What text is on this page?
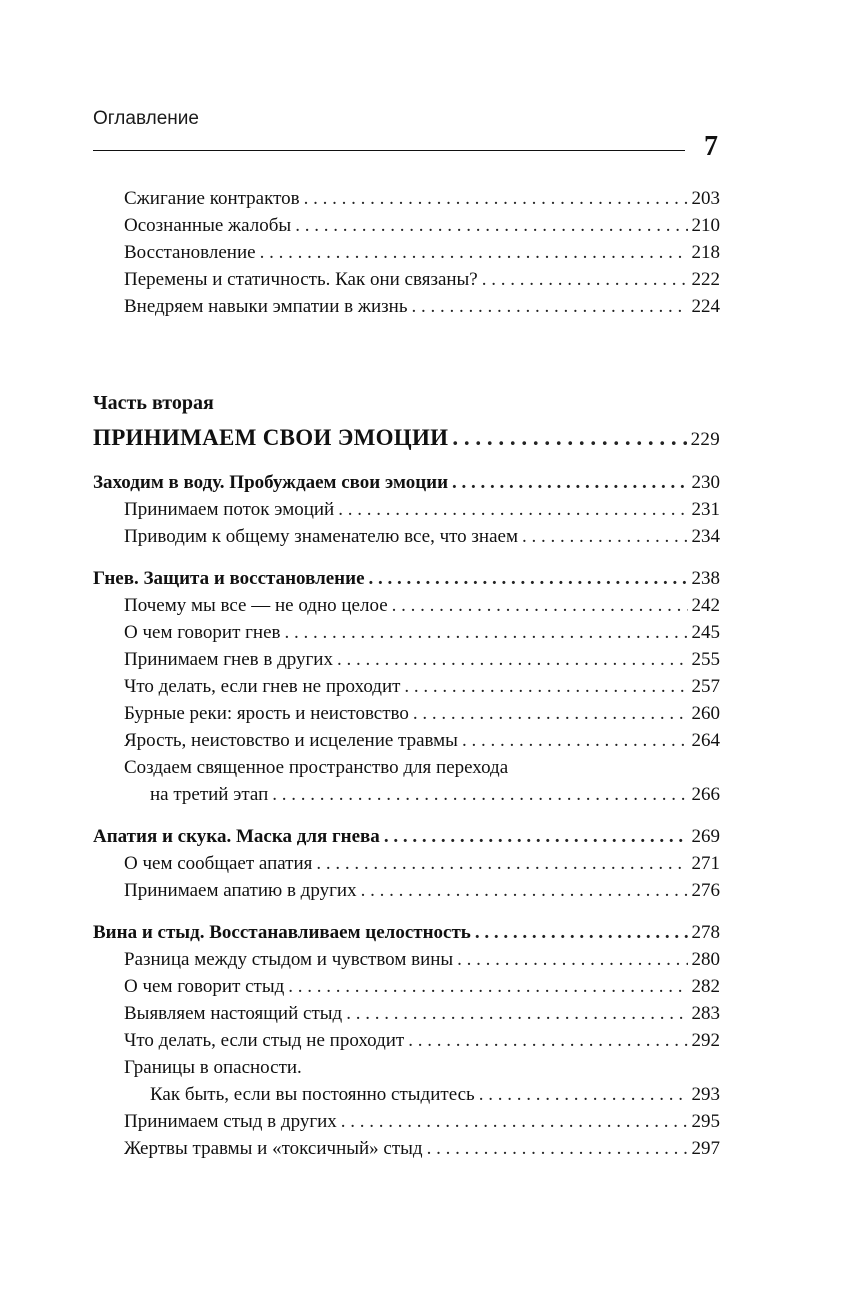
Оглавление
7
Сжигание контрактов . . .	203
Осознанные жалобы . . .	210
Восстановление . . .	218
Перемены и статичность. Как они связаны? . . .	222
Внедряем навыки эмпатии в жизнь . . .	224
Часть вторая
ПРИНИМАЕМ СВОИ ЭМОЦИИ . . .	229
Заходим в воду. Пробуждаем свои эмоции . . .	230
Принимаем поток эмоций . . .	231
Приводим к общему знаменателю все, что знаем . . .	234
Гнев. Защита и восстановление . . .	238
Почему мы все — не одно целое . . .	242
О чем говорит гнев . . .	245
Принимаем гнев в других . . .	255
Что делать, если гнев не проходит . . .	257
Бурные реки: ярость и неистовство . . .	260
Ярость, неистовство и исцеление травмы . . .	264
Создаем священное пространство для перехода
на третий этап . . .	266
Апатия и скука. Маска для гнева . . .	269
О чем сообщает апатия . . .	271
Принимаем апатию в других . . .	276
Вина и стыд. Восстанавливаем целостность . . .	278
Разница между стыдом и чувством вины . . .	280
О чем говорит стыд . . .	282
Выявляем настоящий стыд . . .	283
Что делать, если стыд не проходит . . .	292
Границы в опасности.
Как быть, если вы постоянно стыдитесь . . .	293
Принимаем стыд в других . . .	295
Жертвы травмы и «токсичный» стыд . . .	297
